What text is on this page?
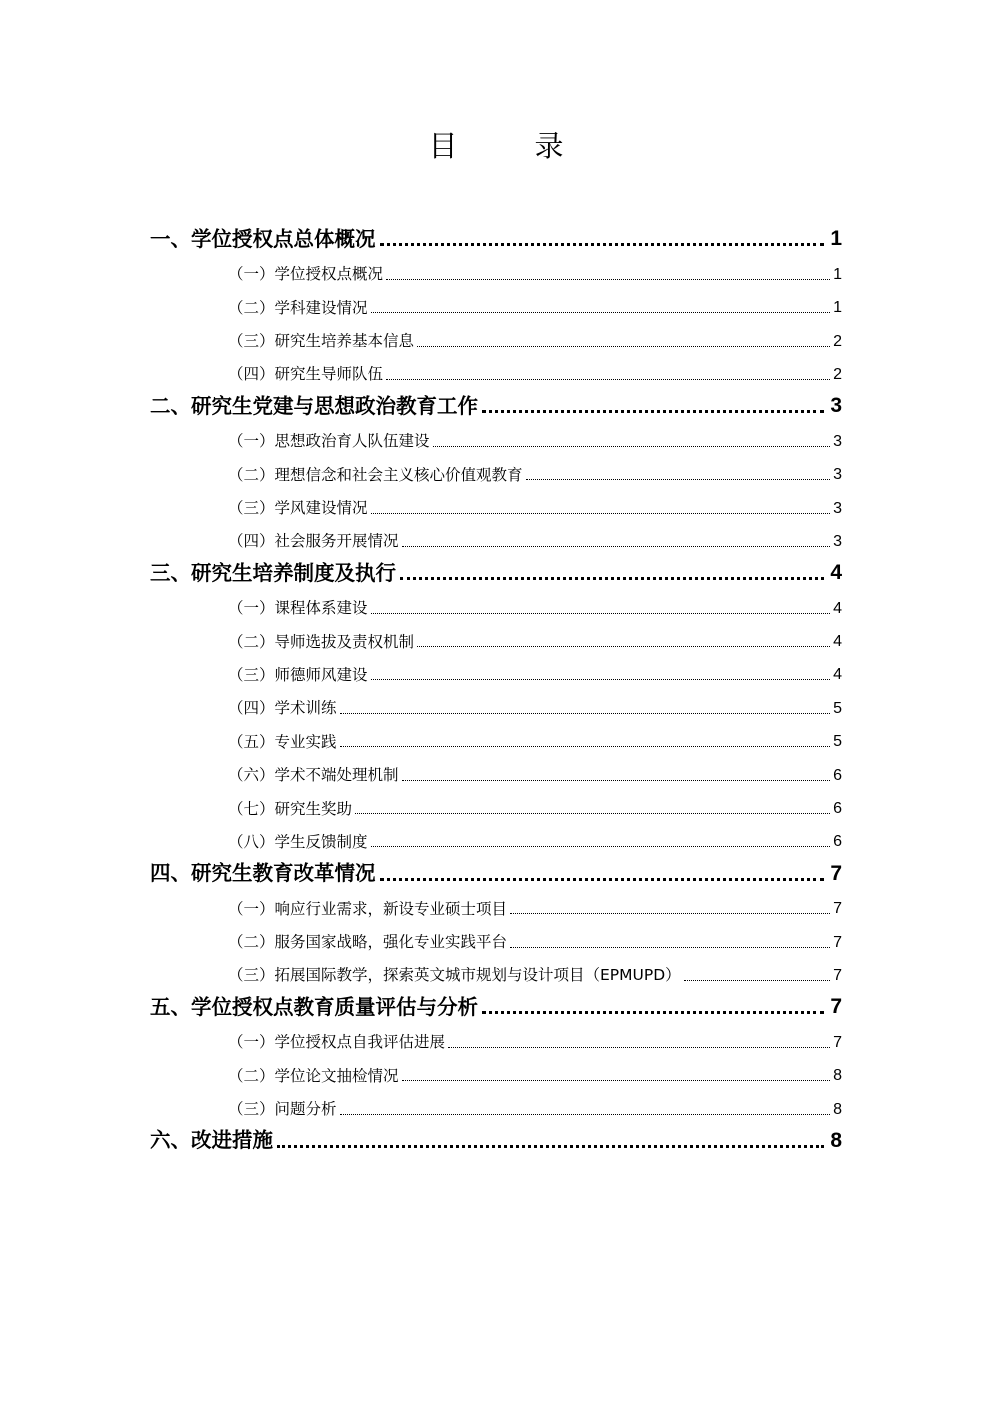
目　录
一、学位授权点总体概况	1
（一）学位授权点概况	1
（二）学科建设情况	1
（三）研究生培养基本信息	2
（四）研究生导师队伍	2
二、研究生党建与思想政治教育工作	3
（一）思想政治育人队伍建设	3
（二）理想信念和社会主义核心价值观教育	3
（三）学风建设情况	3
（四）社会服务开展情况	3
三、研究生培养制度及执行	4
（一）课程体系建设	4
（二）导师选拔及责权机制	4
（三）师德师风建设	4
（四）学术训练	5
（五）专业实践	5
（六）学术不端处理机制	6
（七）研究生奖助	6
（八）学生反馈制度	6
四、研究生教育改革情况	7
（一）响应行业需求，新设专业硕士项目	7
（二）服务国家战略，强化专业实践平台	7
（三）拓展国际教学，探索英文城市规划与设计项目（EPMUPD）	7
五、学位授权点教育质量评估与分析	7
（一）学位授权点自我评估进展	7
（二）学位论文抽检情况	8
（三）问题分析	8
六、改进措施	8
